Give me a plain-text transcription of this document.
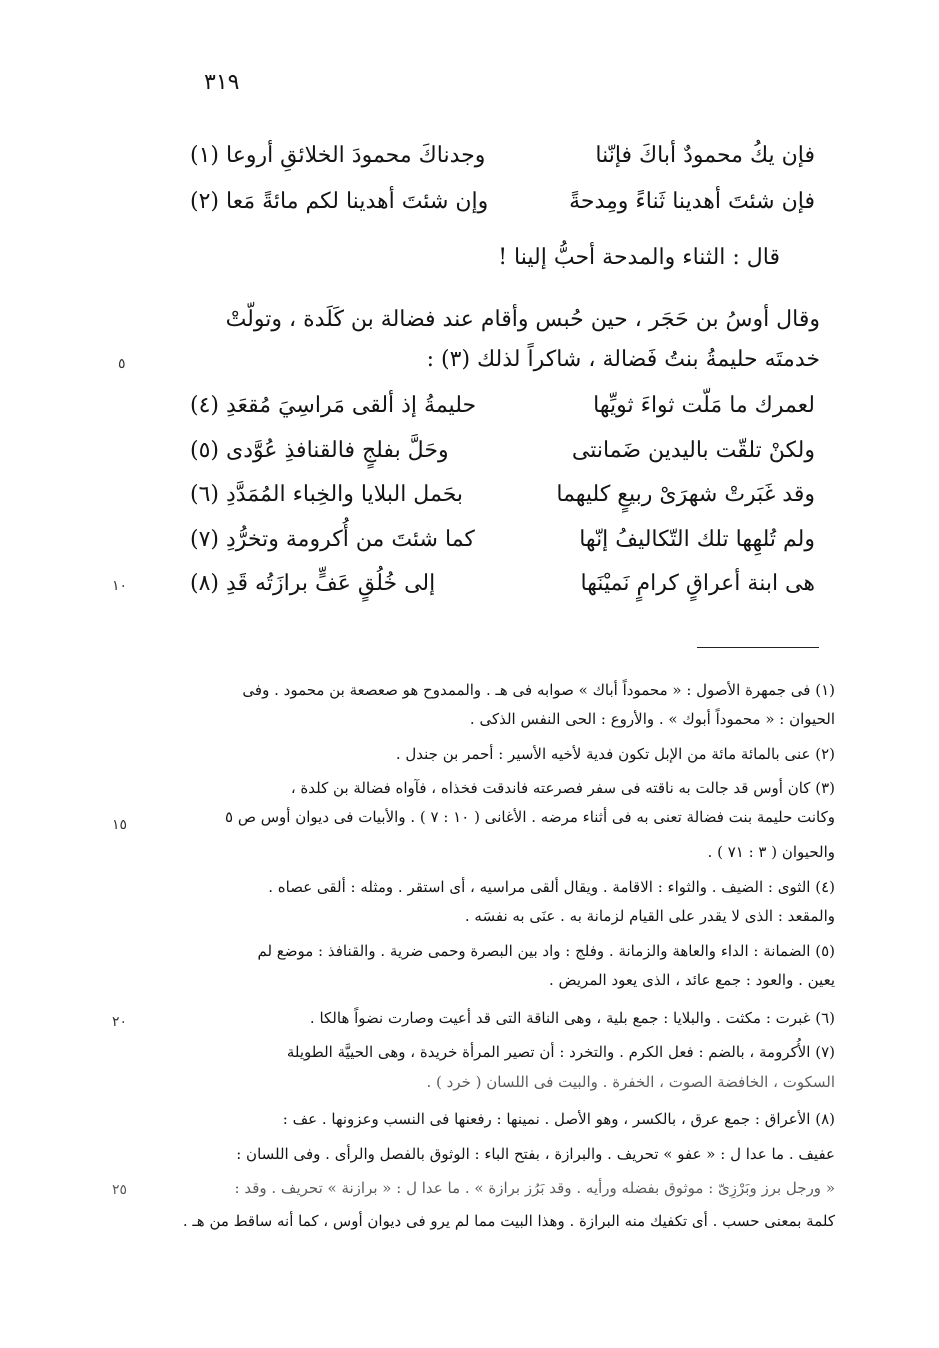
٣١٩
فإن يكُ محمودٌ أباكَ فإنّنا
وجدناكَ محمودَ الخلائقِ أروعا (١)
فإن شئتَ أهدينا ثَناءً ومِدحةً
وإن شئتَ أهدينا لكم مائةً مَعا (٢)
قال : الثناء والمدحة أحبُّ إلينا !
وقال أوسُ بن حَجَر ، حين حُبس وأقام عند فضالة بن كَلَدة ، وتولّتْ
خدمتَه حليمةُ بنتُ فَضالة ، شاكراً لذلك (٣) :
لعمرك ما مَلّت ثواءَ ثويِّها
حليمةُ إذ ألقى مَراسِيَ مُقعَدِ (٤)
ولكنْ تلقّت باليدين ضَمانتى
وحَلَّ بفلجٍ فالقنافذِ عُوَّدى (٥)
وقد غَبَرتْ شهرَىْ ربيعٍ كليهما
بحَمل البلايا والخِباء المُمَدَّدِ (٦)
ولم تُلهِها تلك التّكاليفُ إنّها
كما شئتَ من أُكرومة وتخرُّدِ (٧)
هى ابنة أعراقٍ كرامٍ نَميْنَها
إلى خُلُقٍ عَفٍّ برازَتُه قَدِ (٨)
٥
١٠
١٥
٢٠
٢٥
(١) فى جمهرة الأصول : « محموداً أباك » صوابه فى هـ . والممدوح هو صعصعة بن محمود . وفى
الحيوان : « محموداً أبوك » . والأروع : الحى النفس الذكى .
(٢) عنى بالمائة مائة من الإبل تكون فدية لأخيه الأسير : أحمر بن جندل .
(٣) كان أوس قد جالت به ناقته فى سفر فصرعته فاندقت فخذاه ، فآواه فضالة بن كلدة ،
وكانت حليمة بنت فضالة تعنى به فى أثناء مرضه . الأغانى ( ١٠ : ٧ ) . والأبيات فى ديوان أوس ص ٥
والحيوان ( ٣ : ٧١ ) .
(٤) الثوى : الضيف . والثواء : الاقامة . ويقال ألقى مراسيه ، أى استقر . ومثله : ألقى عصاه .
والمقعد : الذى لا يقدر على القيام لزمانة به . عنَى به نفسَه .
(٥) الضمانة : الداء والعاهة والزمانة . وفلج : واد بين البصرة وحمى ضرية . والقنافذ : موضع لم
يعين . والعود : جمع عائد ، الذى يعود المريض .
(٦) غبرت : مكثت . والبلايا : جمع بلية ، وهى الناقة التى قد أعيت وصارت نضواً هالكا .
(٧) الأُكرومة ، بالضم : فعل الكرم . والتخرد : أن تصير المرأة خريدة ، وهى الحييَّة الطويلة
السكوت ، الخافضة الصوت ، الخفرة . والبيت فى اللسان ( خرد ) .
(٨) الأعراق : جمع عرق ، بالكسر ، وهو الأصل . نمينها : رفعنها فى النسب وعزونها . عف :
عفيف . ما عدا ل : « عفو » تحريف . والبرازة ، بفتح الباء : الوثوق بالفصل والرأى . وفى اللسان :
« ورجل برز وبَرْزِىّ : موثوق بفضله ورأيه . وقد بَرُز برازة » . ما عدا ل : « برازنة » تحريف . وقد :
كلمة بمعنى حسب . أى تكفيك منه البرازة . وهذا البيت مما لم يرو فى ديوان أوس ، كما أنه ساقط من هـ .
